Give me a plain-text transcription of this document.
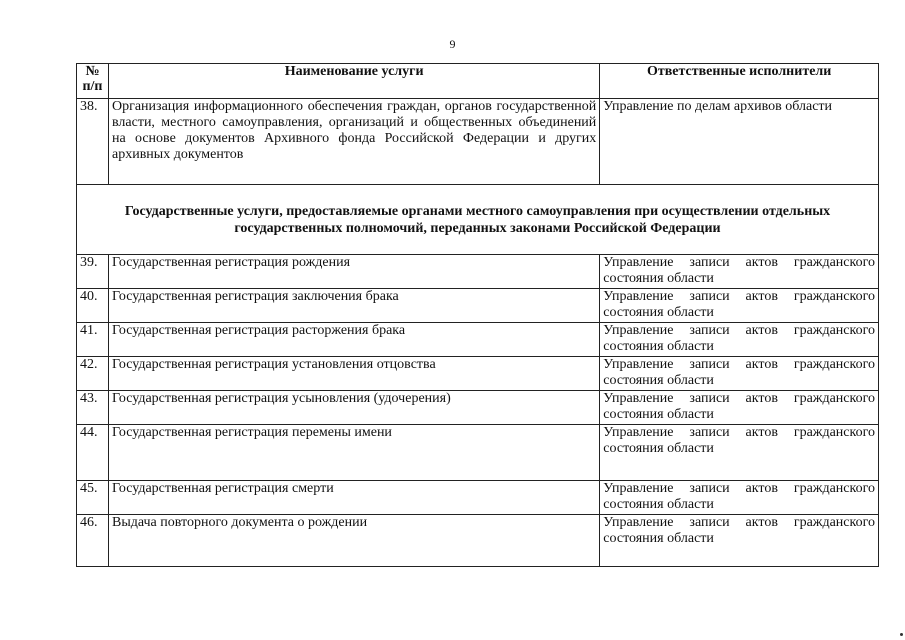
9
№ п/п	Наименование услуги	Ответственные исполнители
38.	Организация информационного обеспечения граждан, органов государственной власти, местного самоуправления, организаций и общественных объединений на основе документов Архивного фонда Российской Федерации и других архивных документов	Управление по делам архивов области
Государственные услуги, предоставляемые органами местного самоуправления при осуществлении отдельных государственных полномочий, переданных законами Российской Федерации		
39.	Государственная регистрация рождения	Управление записи актов гражданского состояния области
40.	Государственная регистрация заключения брака	Управление записи актов гражданского состояния области
41.	Государственная регистрация расторжения брака	Управление записи актов гражданского состояния области
42.	Государственная регистрация установления отцовства	Управление записи актов гражданского состояния области
43.	Государственная регистрация усыновления (удочерения)	Управление записи актов гражданского состояния области
44.	Государственная регистрация перемены имени	Управление записи актов гражданского состояния области
45.	Государственная регистрация смерти	Управление записи актов гражданского состояния области
46.	Выдача повторного документа о рождении	Управление записи актов гражданского состояния области
